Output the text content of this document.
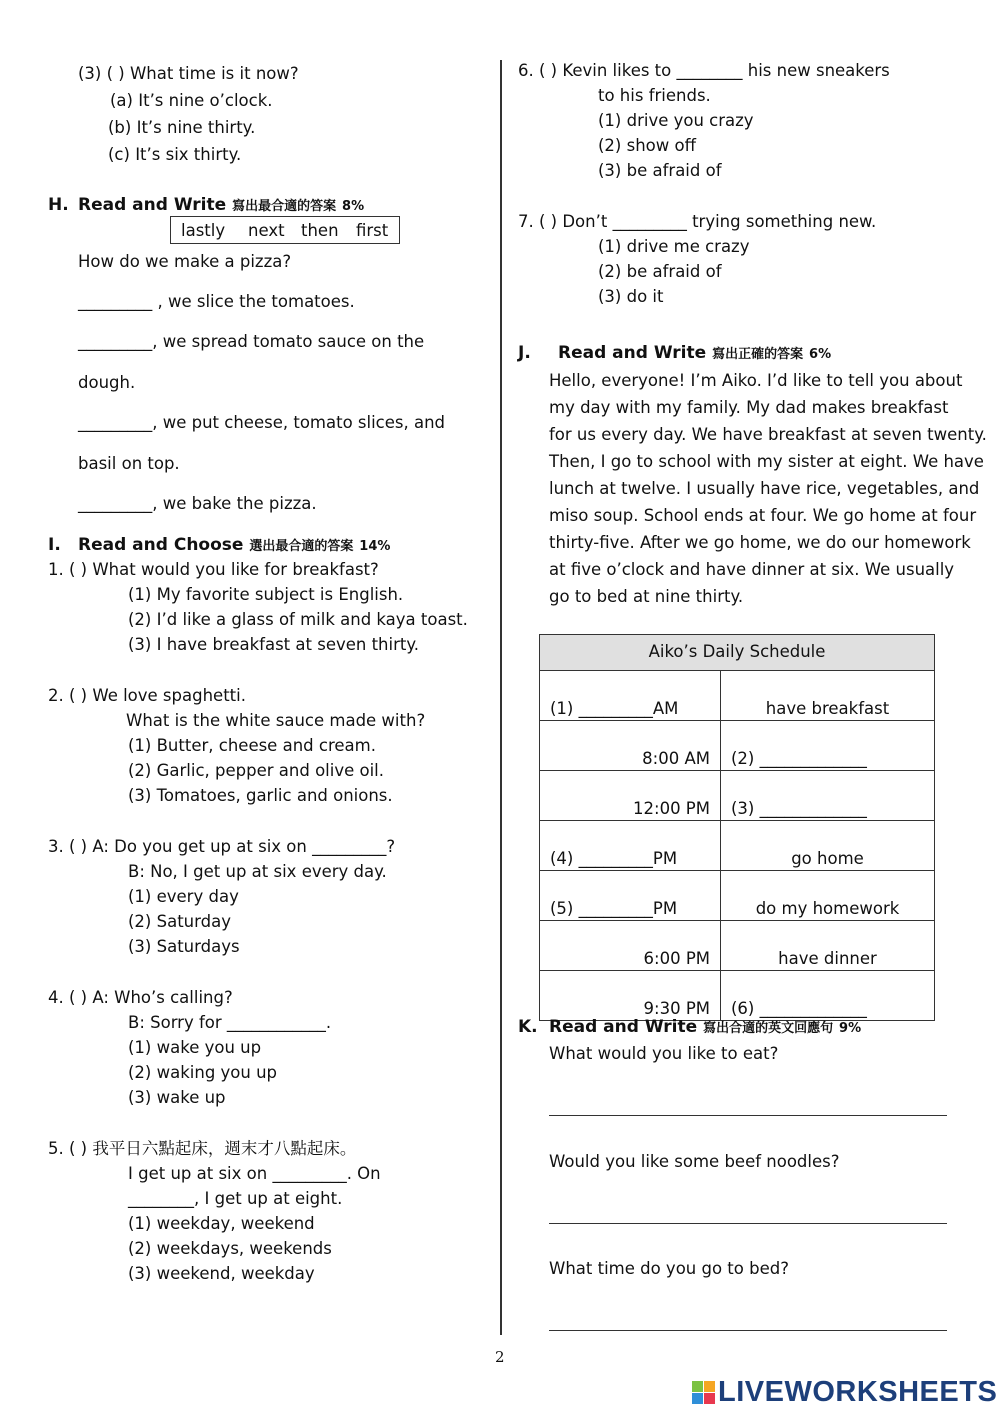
(3) ( ) What time is it now?
(a) It’s nine o’clock.
(b) It’s nine thirty.
(c) It’s six thirty.
H. Read and Write 寫出最合適的答案 8%
lastly next then first
How do we make a pizza?
_________ , we slice the tomatoes.
_________, we spread tomato sauce on the
dough.
_________, we put cheese, tomato slices, and
basil on top.
_________, we bake the pizza.
I. Read and Choose 選出最合適的答案 14%
1. ( ) What would you like for breakfast?
(1) My favorite subject is English.
(2) I’d like a glass of milk and kaya toast.
(3) I have breakfast at seven thirty.
2. ( ) We love spaghetti.
What is the white sauce made with?
(1) Butter, cheese and cream.
(2) Garlic, pepper and olive oil.
(3) Tomatoes, garlic and onions.
3. ( ) A: Do you get up at six on _________?
B: No, I get up at six every day.
(1) every day
(2) Saturday
(3) Saturdays
4. ( ) A: Who’s calling?
B: Sorry for ____________.
(1) wake you up
(2) waking you up
(3) wake up
5. ( ) 我平日六點起床，週末才八點起床。
I get up at six on _________. On
________, I get up at eight.
(1) weekday, weekend
(2) weekdays, weekends
(3) weekend, weekday
6. ( ) Kevin likes to ________ his new sneakers
to his friends.
(1) drive you crazy
(2) show off
(3) be afraid of
7. ( ) Don’t _________ trying something new.
(1) drive me crazy
(2) be afraid of
(3) do it
J. Read and Write 寫出正確的答案 6%
Hello, everyone! I’m Aiko. I’d like to tell you about
my day with my family. My dad makes breakfast
for us every day. We have breakfast at seven twenty.
Then, I go to school with my sister at eight. We have
lunch at twelve. I usually have rice, vegetables, and
miso soup. School ends at four. We go home at four
thirty-five. After we go home, we do our homework
at five o’clock and have dinner at six. We usually
go to bed at nine thirty.
Aiko’s Daily Schedule	
(1) _________AM	have breakfast
8:00 AM	(2) _____________
12:00 PM	(3) _____________
(4) _________PM	go home
(5) _________PM	do my homework
6:00 PM	have dinner
9:30 PM	(6) _____________
K. Read and Write 寫出合適的英文回應句 9%
What would you like to eat?
Would you like some beef noodles?
What time do you go to bed?
2
LIVEWORKSHEETS
